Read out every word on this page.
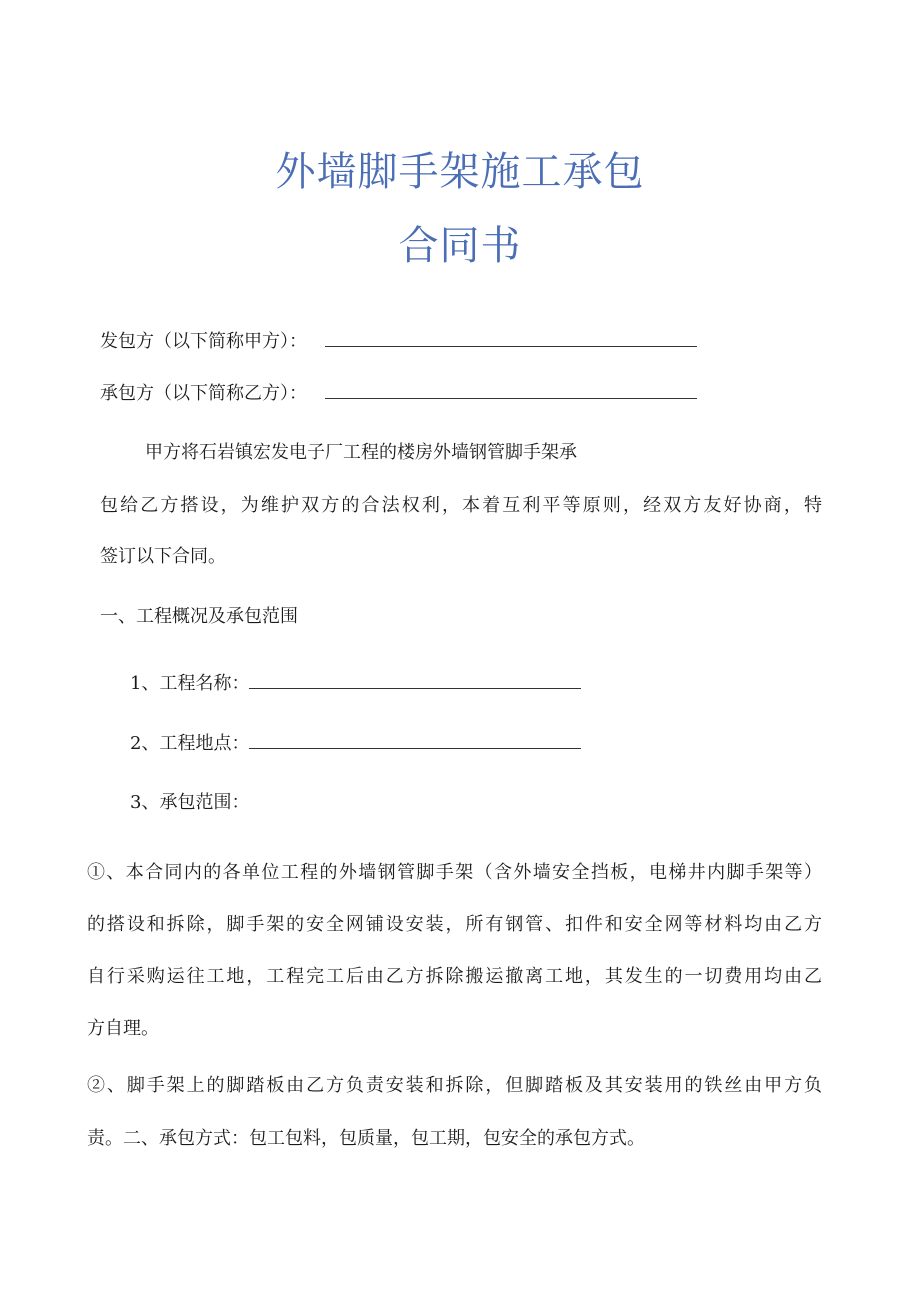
外墙脚手架施工承包
合同书
发包方（以下简称甲方）：
承包方（以下简称乙方）：
甲方将石岩镇宏发电子厂工程的楼房外墙钢管脚手架承
包给乙方搭设，为维护双方的合法权利，本着互利平等原则，经双方友好协商，特
签订以下合同。
一、工程概况及承包范围
1、工程名称：
2、工程地点：
3、承包范围：
①、本合同内的各单位工程的外墙钢管脚手架（含外墙安全挡板，电梯井内脚手架等）
的搭设和拆除，脚手架的安全网铺设安装，所有钢管、扣件和安全网等材料均由乙方
自行采购运往工地，工程完工后由乙方拆除搬运撤离工地，其发生的一切费用均由乙
方自理。
②、脚手架上的脚踏板由乙方负责安装和拆除，但脚踏板及其安装用的铁丝由甲方负
责。二、承包方式：包工包料，包质量，包工期，包安全的承包方式。
